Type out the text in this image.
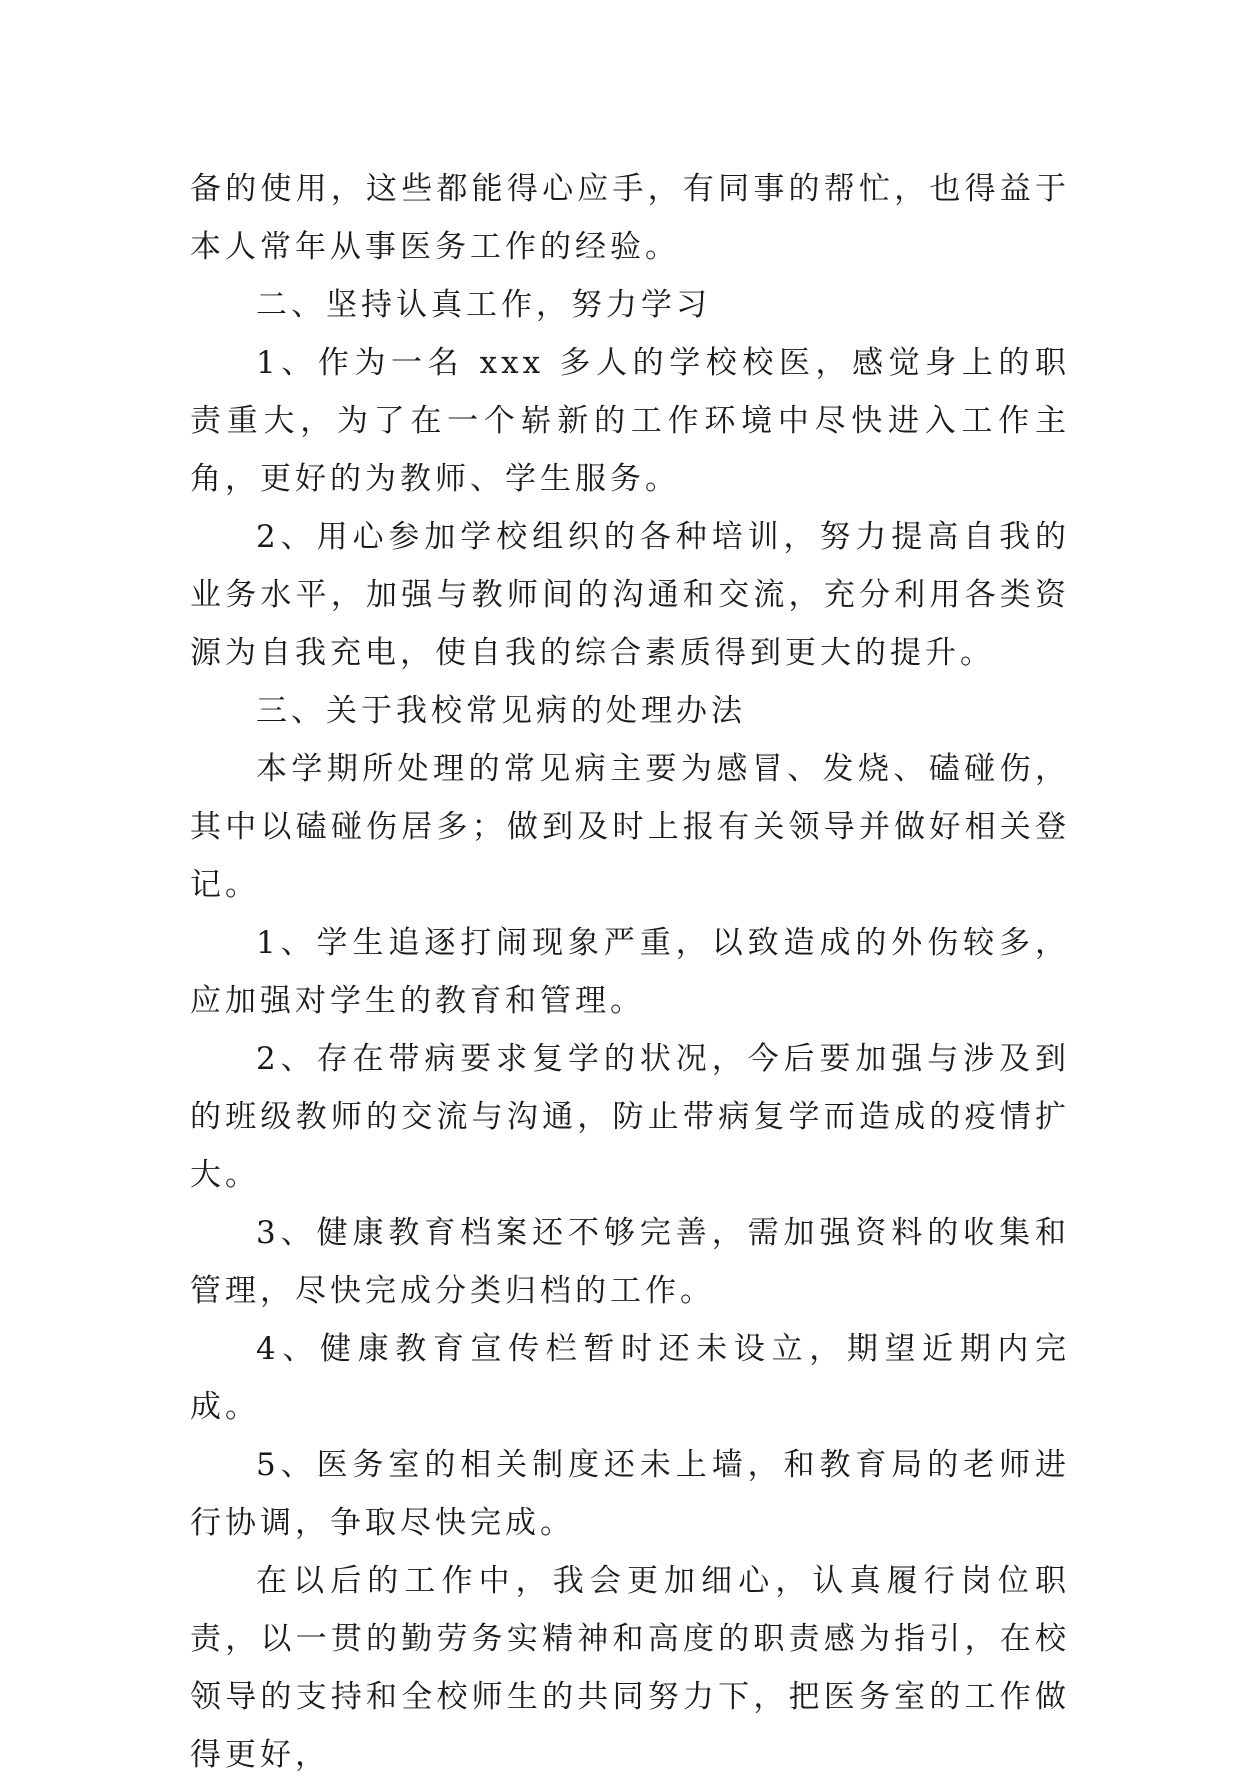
备的使用，这些都能得心应手，有同事的帮忙，也得益于本人常年从事医务工作的经验。

二、坚持认真工作，努力学习

1、作为一名 xxx 多人的学校校医，感觉身上的职责重大，为了在一个崭新的工作环境中尽快进入工作主角，更好的为教师、学生服务。

2、用心参加学校组织的各种培训，努力提高自我的业务水平，加强与教师间的沟通和交流，充分利用各类资源为自我充电，使自我的综合素质得到更大的提升。

三、关于我校常见病的处理办法

本学期所处理的常见病主要为感冒、发烧、磕碰伤，其中以磕碰伤居多；做到及时上报有关领导并做好相关登记。

1、学生追逐打闹现象严重，以致造成的外伤较多，应加强对学生的教育和管理。

2、存在带病要求复学的状况，今后要加强与涉及到的班级教师的交流与沟通，防止带病复学而造成的疫情扩大。

3、健康教育档案还不够完善，需加强资料的收集和管理，尽快完成分类归档的工作。

4、健康教育宣传栏暂时还未设立，期望近期内完成。

5、医务室的相关制度还未上墙，和教育局的老师进行协调，争取尽快完成。

在以后的工作中，我会更加细心，认真履行岗位职责，以一贯的勤劳务实精神和高度的职责感为指引，在校领导的支持和全校师生的共同努力下，把医务室的工作做得更好，
